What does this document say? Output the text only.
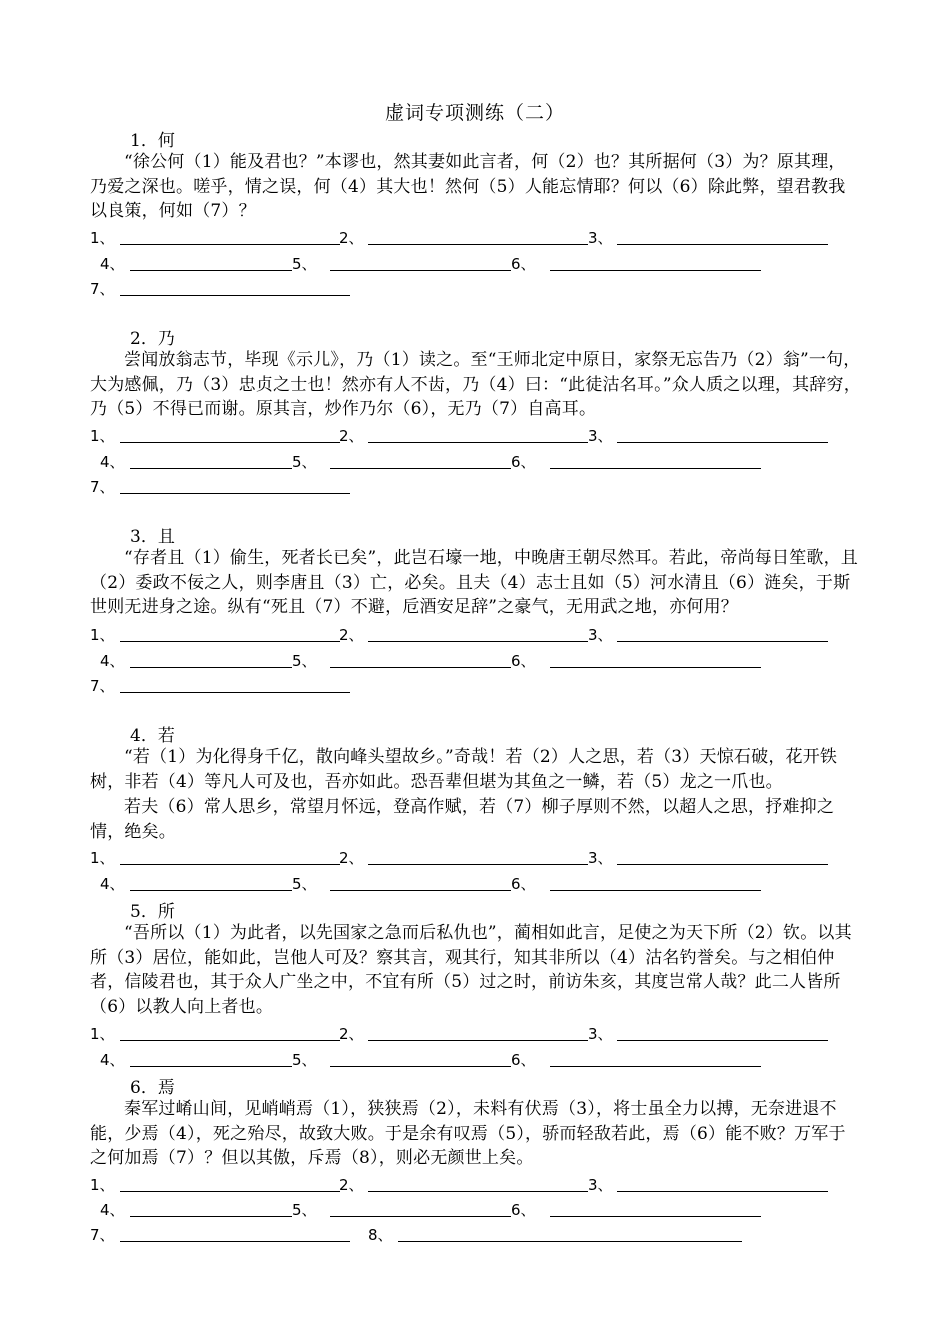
虚词专项测练（二）
1．何
“徐公何（1）能及君也？”本谬也，然其妻如此言者，何（2）也？其所据何（3）为？原其理，乃爱之深也。嗟乎，情之误，何（4）其大也！然何（5）人能忘情耶？何以（6）除此弊，望君教我以良策，何如（7）？
1、	2、	3、
4、	5、	6、
7、
2．乃
尝闻放翁志节，毕现《示儿》，乃（1）读之。至“王师北定中原日，家祭无忘告乃（2）翁”一句，大为感佩，乃（3）忠贞之士也！然亦有人不齿，乃（4）曰：“此徒沽名耳。”众人质之以理，其辞穷，乃（5）不得已而谢。原其言，炒作乃尔（6），无乃（7）自高耳。
1、	2、	3、
4、	5、	6、
7、
3．且
“存者且（1）偷生，死者长已矣”，此岂石壕一地，中晚唐王朝尽然耳。若此，帝尚每日笙歌，且（2）委政不佞之人，则李唐且（3）亡，必矣。且夫（4）志士且如（5）河水清且（6）涟矣，于斯世则无进身之途。纵有“死且（7）不避，卮酒安足辞”之豪气，无用武之地，亦何用？
1、	2、	3、
4、	5、	6、
7、
4．若
“若（1）为化得身千亿，散向峰头望故乡。”奇哉！若（2）人之思，若（3）天惊石破，花开铁树，非若（4）等凡人可及也，吾亦如此。恐吾辈但堪为其鱼之一鳞，若（5）龙之一爪也。
若夫（6）常人思乡，常望月怀远，登高作赋，若（7）柳子厚则不然，以超人之思，抒难抑之情，绝矣。
1、	2、	3、
4、	5、	6、
5．所
“吾所以（1）为此者，以先国家之急而后私仇也”，蔺相如此言，足使之为天下所（2）钦。以其所（3）居位，能如此，岂他人可及？察其言，观其行，知其非所以（4）沽名钓誉矣。与之相伯仲者，信陵君也，其于众人广坐之中，不宜有所（5）过之时，前访朱亥，其度岂常人哉？此二人皆所（6）以教人向上者也。
1、	2、	3、
4、	5、	6、
6．焉
秦军过崤山间，见峭峭焉（1），狭狭焉（2），未料有伏焉（3），将士虽全力以搏，无奈进退不能，少焉（4），死之殆尽，故致大败。于是余有叹焉（5），骄而轻敌若此，焉（6）能不败？万军于之何加焉（7）？但以其傲，斥焉（8），则必无颜世上矣。
1、	2、	3、
4、	5、	6、
7、	8、
